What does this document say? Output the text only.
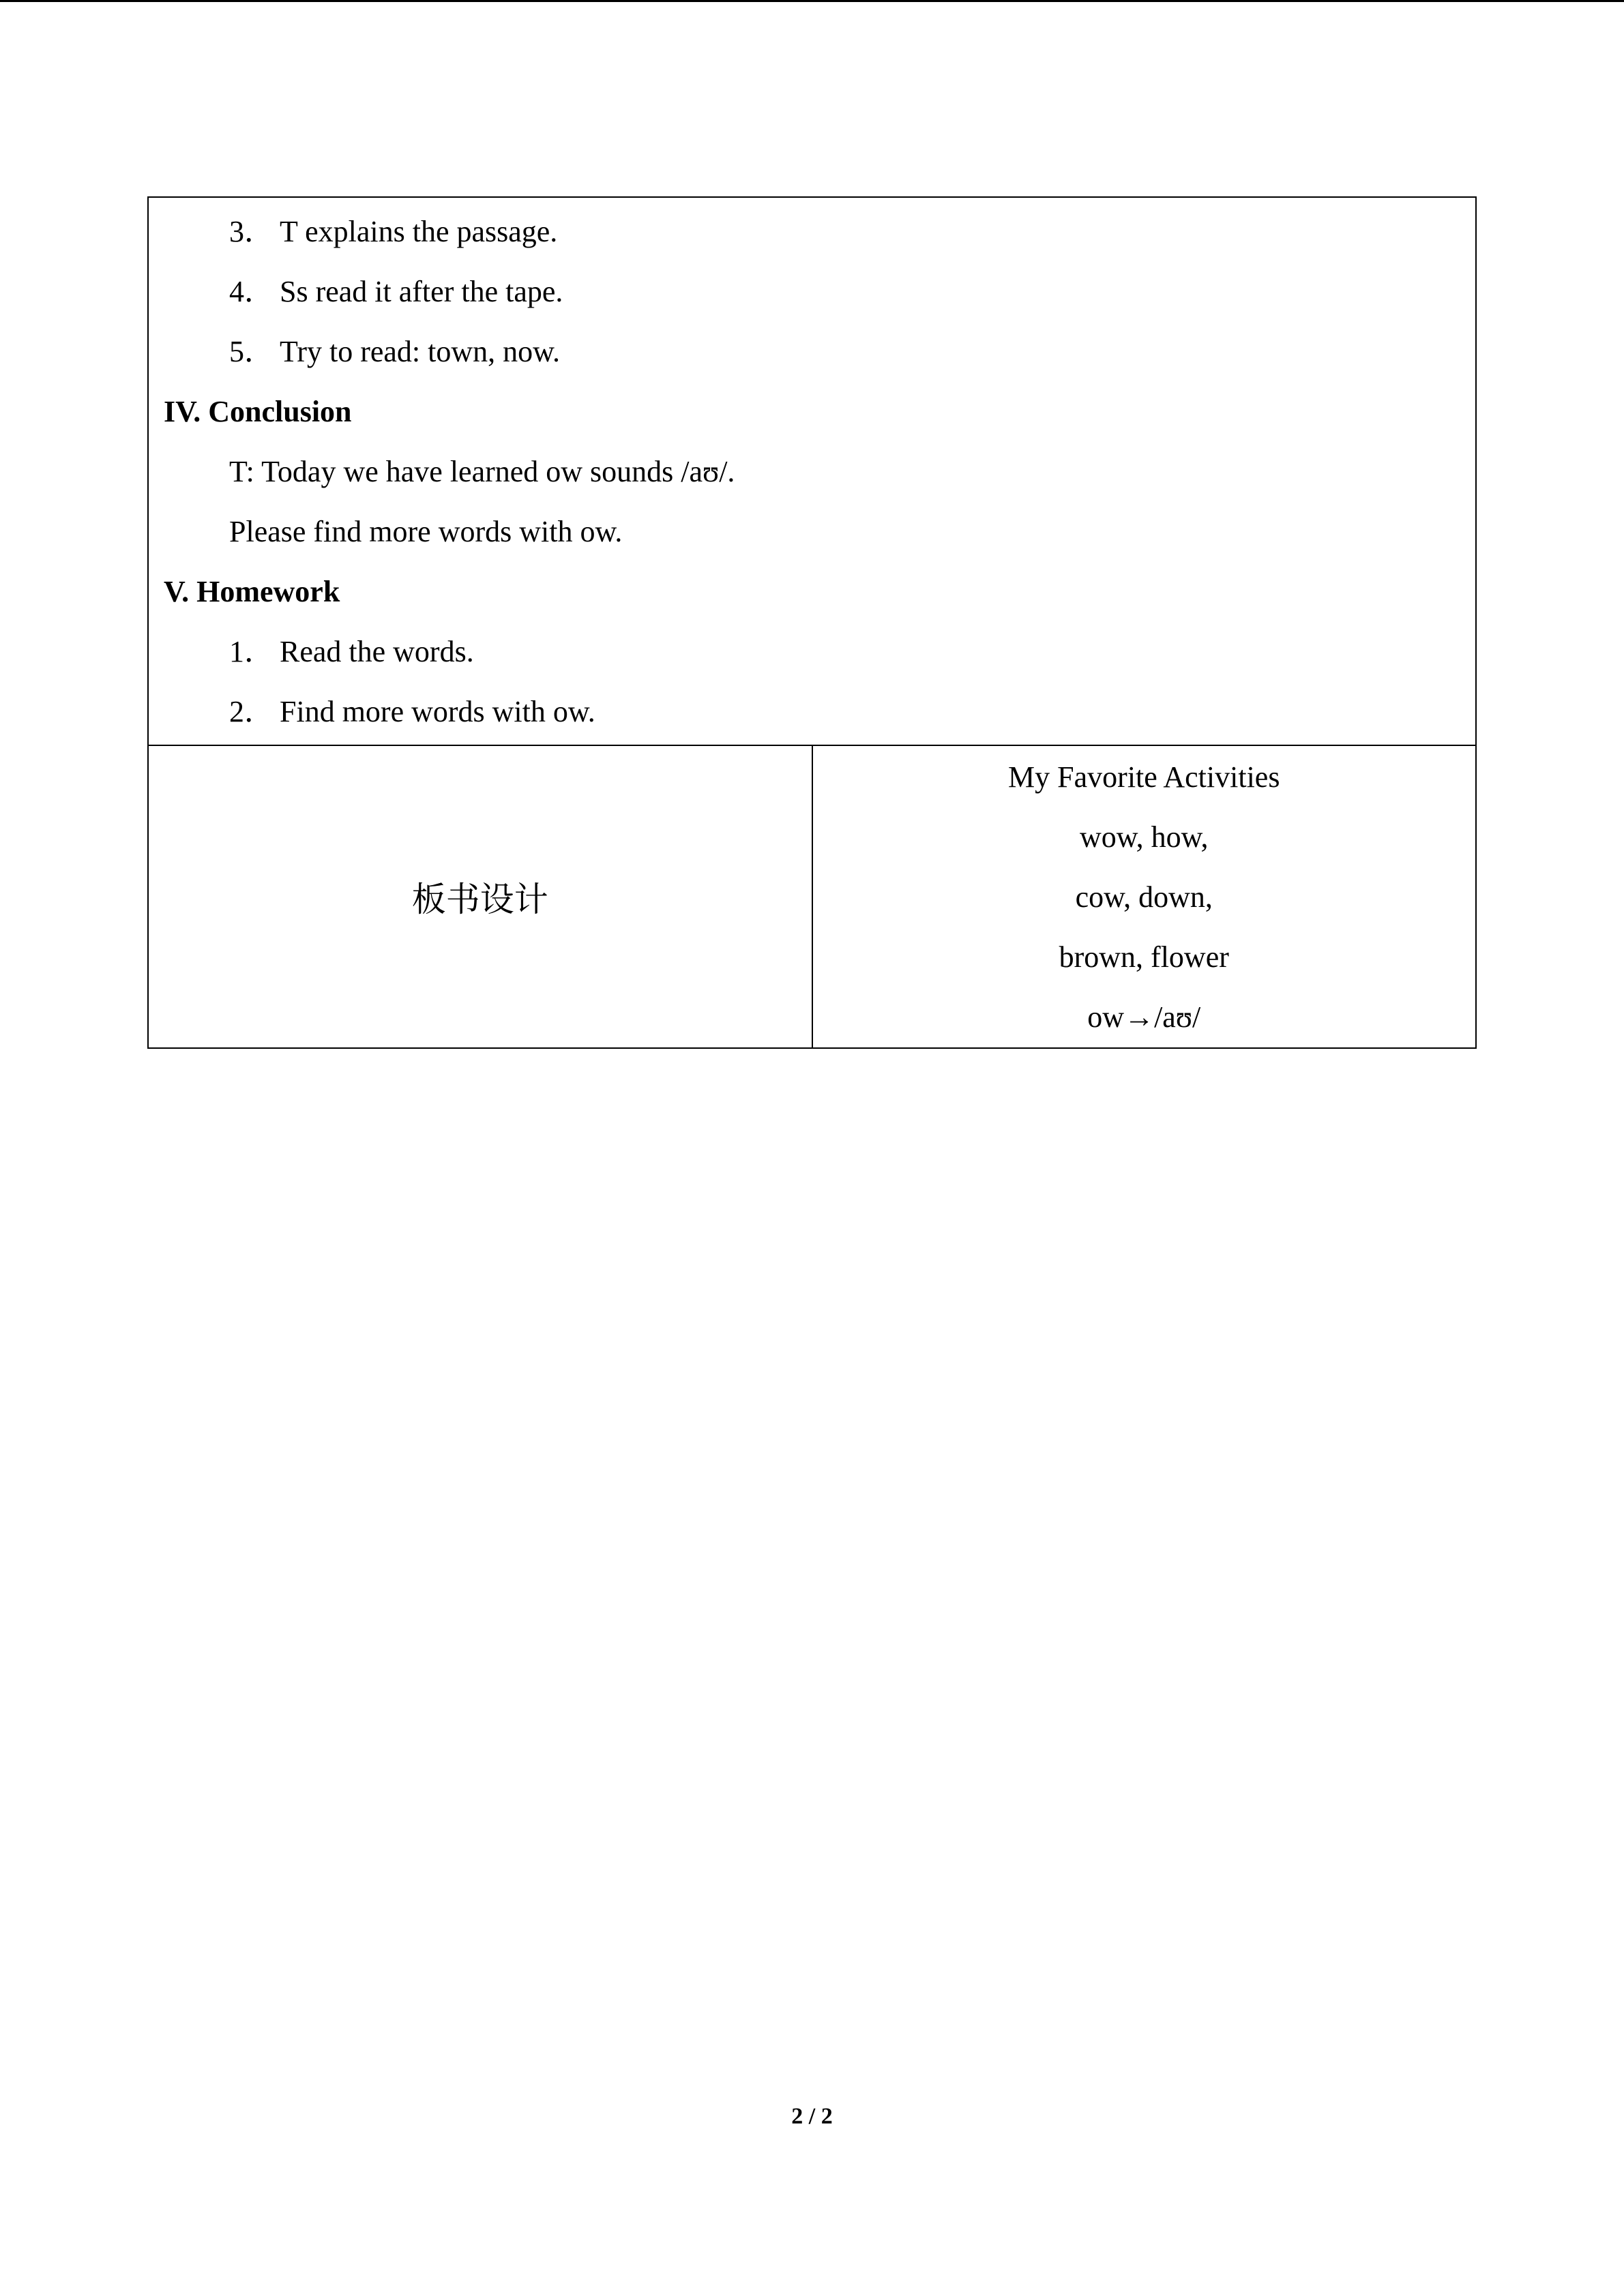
3． T explains the passage.
4． Ss read it after the tape.
5． Try to read: town, now.
IV. Conclusion
T: Today we have learned ow sounds /aʊ/.
Please find more words with ow.
V. Homework
1． Read the words.
2． Find more words with ow.

板书设计	
My Favorite Activities
wow, how,
cow, down,
brown, flower
ow→/aʊ/
2 / 2
